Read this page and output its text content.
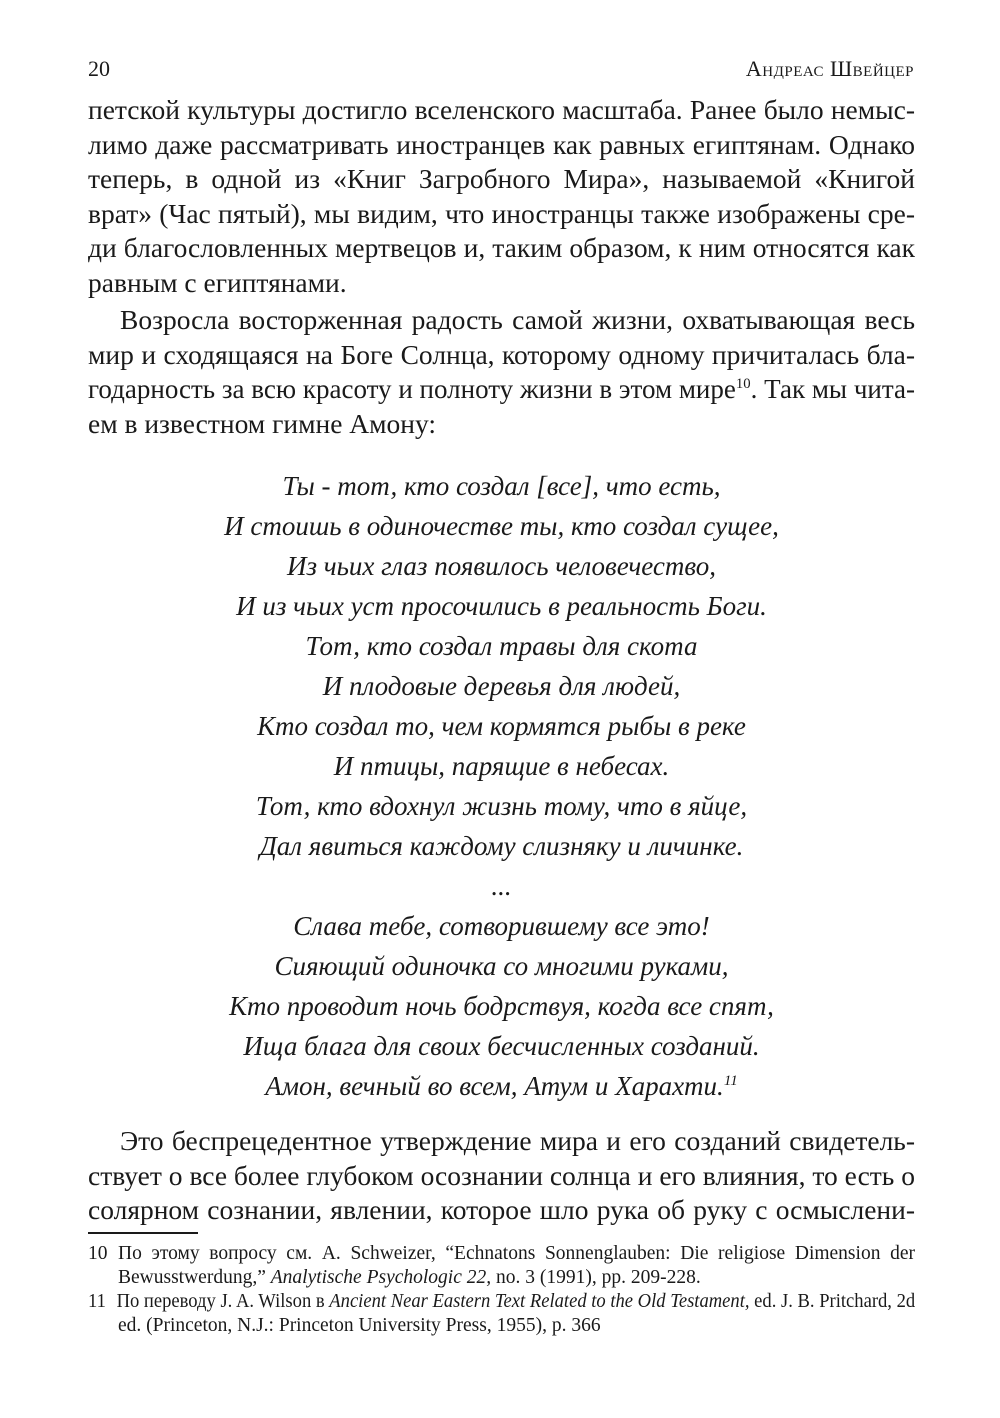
20	Андреас Швейцер
петской культуры достигло вселенского масштаба. Ранее было немыс-
лимо даже рассматривать иностранцев как равных египтянам. Однако
теперь, в одной из «Книг Загробного Мира», называемой «Книгой
врат» (Час пятый), мы видим, что иностранцы также изображены сре-
ди благословленных мертвецов и, таким образом, к ним относятся как
равным с египтянами.
Возросла восторженная радость самой жизни, охватывающая весь
мир и сходящаяся на Боге Солнца, которому одному причиталась бла-
годарность за всю красоту и полноту жизни в этом мире$^{10}$. Так мы чита-
ем в известном гимне Амону:
Ты - тот, кто создал [все], что есть,
И стоишь в одиночестве ты, кто создал сущее,
Из чьих глаз появилось человечество,
И из чьих уст просочились в реальность Боги.
Тот, кто создал травы для скота
И плодовые деревья для людей,
Кто создал то, чем кормятся рыбы в реке
И птицы, парящие в небесах.
Тот, кто вдохнул жизнь тому, что в яйце,
Дал явиться каждому слизняку и личинке.
...
Слава тебе, сотворившему все это!
Сияющий одиночка со многими руками,
Кто проводит ночь бодрствуя, когда все спят,
Ища блага для своих бесчисленных созданий.
Амон, вечный во всем, Атум и Харахти.$^{11}$
Это беспрецедентное утверждение мира и его созданий свидетель-
ствует о все более глубоком осознании солнца и его влияния, то есть о
солярном сознании, явлении, которое шло рука об руку с осмыслени-
10 По этому вопросу см. A. Schweizer, “Echnatons Sonnenglauben: Die religiose Dimension der
Bewusstwerdung,” Analytische Psychologic 22, no. 3 (1991), pp. 209-228.
11 По переводу J. A. Wilson в Ancient Near Eastern Text Related to the Old Testament, ed. J. B. Pritchard, 2d
ed. (Princeton, N.J.: Princeton University Press, 1955), p. 366
